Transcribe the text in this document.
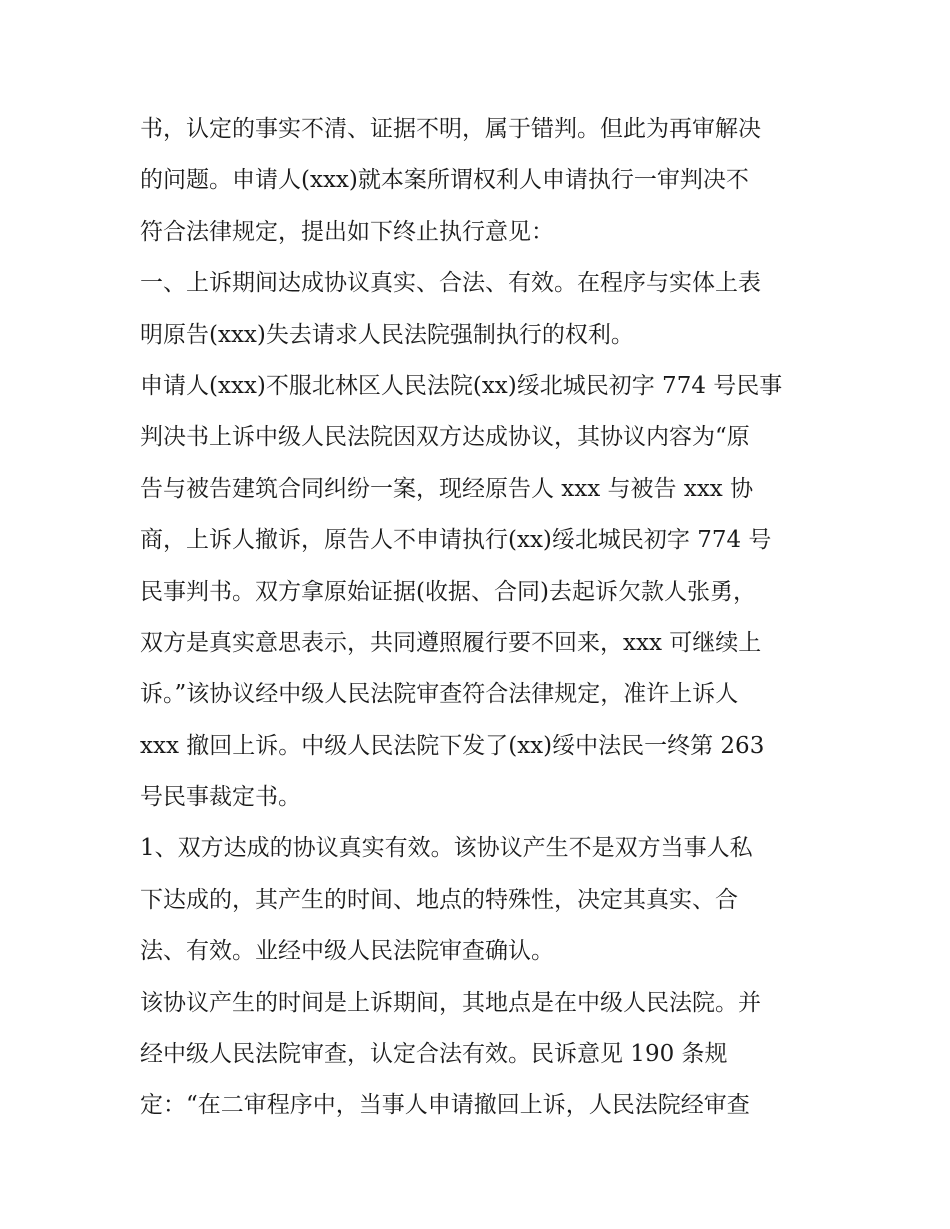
书，认定的事实不清、证据不明，属于错判。但此为再审解决
的问题。申请人(xxx)就本案所谓权利人申请执行一审判决不
符合法律规定，提出如下终止执行意见：
一、上诉期间达成协议真实、合法、有效。在程序与实体上表
明原告(xxx)失去请求人民法院强制执行的权利。
申请人(xxx)不服北林区人民法院(xx)绥北城民初字 774 号民事
判决书上诉中级人民法院因双方达成协议，其协议内容为“原
告与被告建筑合同纠纷一案，现经原告人 xxx 与被告 xxx 协
商，上诉人撤诉，原告人不申请执行(xx)绥北城民初字 774 号
民事判书。双方拿原始证据(收据、合同)去起诉欠款人张勇，
双方是真实意思表示，共同遵照履行要不回来，xxx 可继续上
诉。”该协议经中级人民法院审查符合法律规定，准许上诉人
xxx 撤回上诉。中级人民法院下发了(xx)绥中法民一终第 263
号民事裁定书。
1、双方达成的协议真实有效。该协议产生不是双方当事人私
下达成的，其产生的时间、地点的特殊性，决定其真实、合
法、有效。业经中级人民法院审查确认。
该协议产生的时间是上诉期间，其地点是在中级人民法院。并
经中级人民法院审查，认定合法有效。民诉意见 190 条规
定：“在二审程序中，当事人申请撤回上诉，人民法院经审查
